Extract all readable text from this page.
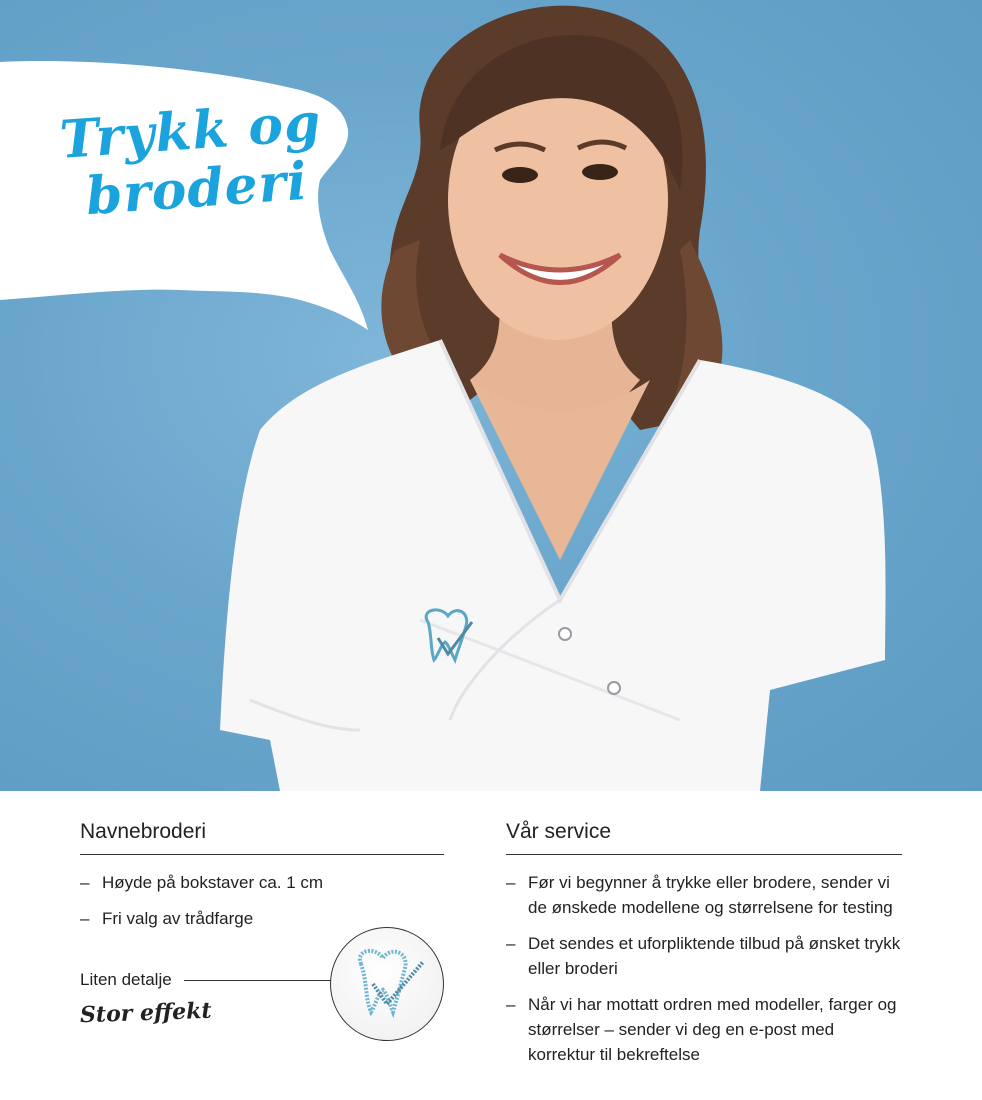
Trykk og
broderi
Navnebroderi
– Høyde på bokstaver ca. 1 cm
– Fri valg av trådfarge
Liten detalje
Stor effekt
Vår service
– Før vi begynner å trykke eller brodere, sender vi de ønskede modellene og størrelsene for testing
– Det sendes et uforpliktende tilbud på ønsket trykk eller broderi
– Når vi har mottatt ordren med modeller, farger og størrelser – sender vi deg en e-post med korrektur til bekreftelse
